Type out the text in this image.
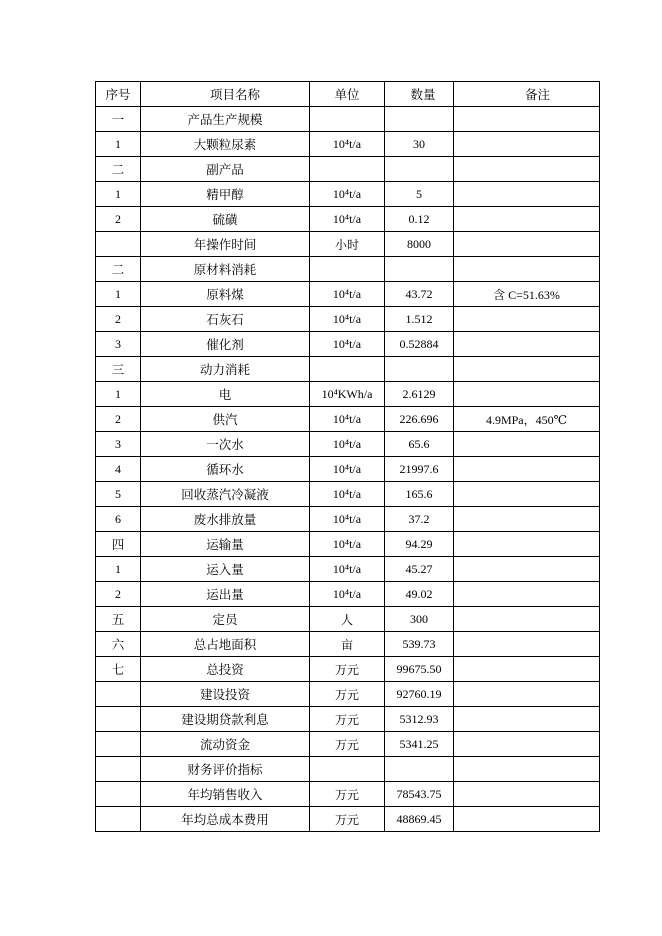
序号	项目名称	单位	数量	备注
一	产品生产规模			
1	大颗粒尿素	10⁴t/a	30	
二	副产品			
1	精甲醇	10⁴t/a	5	
2	硫磺	10⁴t/a	0.12	
	年操作时间	小时	8000	
二	原材料消耗			
1	原料煤	10⁴t/a	43.72	含 C=51.63%
2	石灰石	10⁴t/a	1.512	
3	催化剂	10⁴t/a	0.52884	
三	动力消耗			
1	电	10⁴KWh/a	2.6129	
2	供汽	10⁴t/a	226.696	4.9MPa，450℃
3	一次水	10⁴t/a	65.6	
4	循环水	10⁴t/a	21997.6	
5	回收蒸汽冷凝液	10⁴t/a	165.6	
6	废水排放量	10⁴t/a	37.2	
四	运输量	10⁴t/a	94.29	
1	运入量	10⁴t/a	45.27	
2	运出量	10⁴t/a	49.02	
五	定员	人	300	
六	总占地面积	亩	539.73	
七	总投资	万元	99675.50	
	建设投资	万元	92760.19	
	建设期贷款利息	万元	5312.93	
	流动资金	万元	5341.25	
	财务评价指标			
	年均销售收入	万元	78543.75	
	年均总成本费用	万元	48869.45	
